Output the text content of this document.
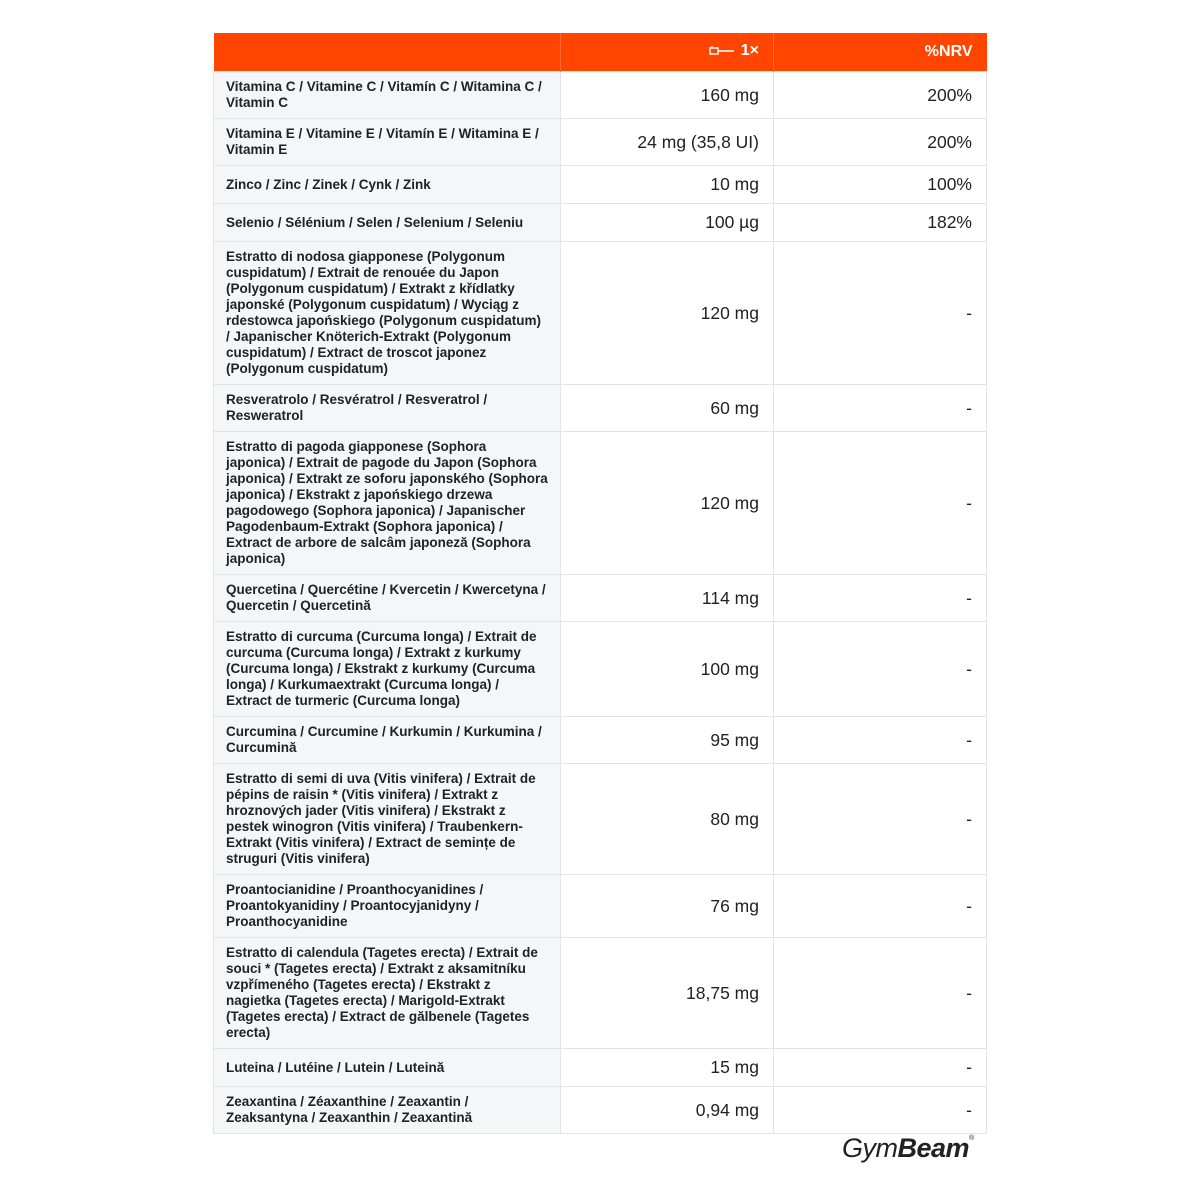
	1×	%NRV
Vitamina C / Vitamine C / Vitamín C / Witamina C / Vitamin C	160 mg	200%
Vitamina E / Vitamine E / Vitamín E / Witamina E / Vitamin E	24 mg (35,8 UI)	200%
Zinco / Zinc / Zinek / Cynk / Zink	10 mg	100%
Selenio / Sélénium / Selen / Selenium / Seleniu	100 µg	182%
Estratto di nodosa giapponese (Polygonum cuspidatum) / Extrait de renouée du Japon (Polygonum cuspidatum) / Extrakt z křídlatky japonské (Polygonum cuspidatum) / Wyciąg z rdestowca japońskiego (Polygonum cuspidatum) / Japanischer Knöterich-Extrakt (Polygonum cuspidatum) / Extract de troscot japonez (Polygonum cuspidatum)	120 mg	-
Resveratrolo / Resvératrol / Resveratrol / Resweratrol	60 mg	-
Estratto di pagoda giapponese (Sophora japonica) / Extrait de pagode du Japon (Sophora japonica) / Extrakt ze soforu japonského (Sophora japonica) / Ekstrakt z japońskiego drzewa pagodowego (Sophora japonica) / Japanischer Pagodenbaum-Extrakt (Sophora japonica) / Extract de arbore de salcâm japoneză (Sophora japonica)	120 mg	-
Quercetina / Quercétine / Kvercetin / Kwercetyna / Quercetin / Quercetină	114 mg	-
Estratto di curcuma (Curcuma longa) / Extrait de curcuma (Curcuma longa) / Extrakt z kurkumy (Curcuma longa) / Ekstrakt z kurkumy (Curcuma longa) / Kurkumaextrakt (Curcuma longa) / Extract de turmeric (Curcuma longa)	100 mg	-
Curcumina / Curcumine / Kurkumin / Kurkumina / Curcumină	95 mg	-
Estratto di semi di uva (Vitis vinifera) / Extrait de pépins de raisin * (Vitis vinifera) / Extrakt z hroznových jader (Vitis vinifera) / Ekstrakt z pestek winogron (Vitis vinifera) / Traubenkern-Extrakt (Vitis vinifera) / Extract de semințe de struguri (Vitis vinifera)	80 mg	-
Proantocianidine / Proanthocyanidines / Proantokyanidiny / Proantocyjanidyny / Proanthocyanidine	76 mg	-
Estratto di calendula (Tagetes erecta) / Extrait de souci * (Tagetes erecta) / Extrakt z aksamitníku vzpřímeného (Tagetes erecta) / Ekstrakt z nagietka (Tagetes erecta) / Marigold-Extrakt (Tagetes erecta) / Extract de gălbenele (Tagetes erecta)	18,75 mg	-
Luteina / Lutéine / Lutein / Luteină	15 mg	-
Zeaxantina / Zéaxanthine / Zeaxantin / Zeaksantyna / Zeaxanthin / Zeaxantină	0,94 mg	-
GymBeam®
